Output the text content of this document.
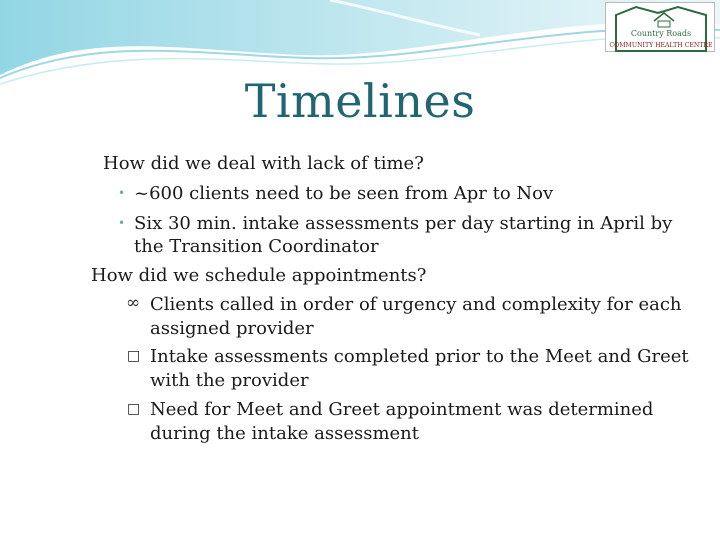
Country Roads
COMMUNITY HEALTH CENTRE
Timelines
How did we deal with lack of time?
• ~600 clients need to be seen from Apr to Nov
• Six 30 min. intake assessments per day starting in April by
the Transition Coordinator
How did we schedule appointments?
∞ Clients called in order of urgency and complexity for each
assigned provider
□ Intake assessments completed prior to the Meet and Greet
with the provider
□ Need for Meet and Greet appointment was determined
during the intake assessment
